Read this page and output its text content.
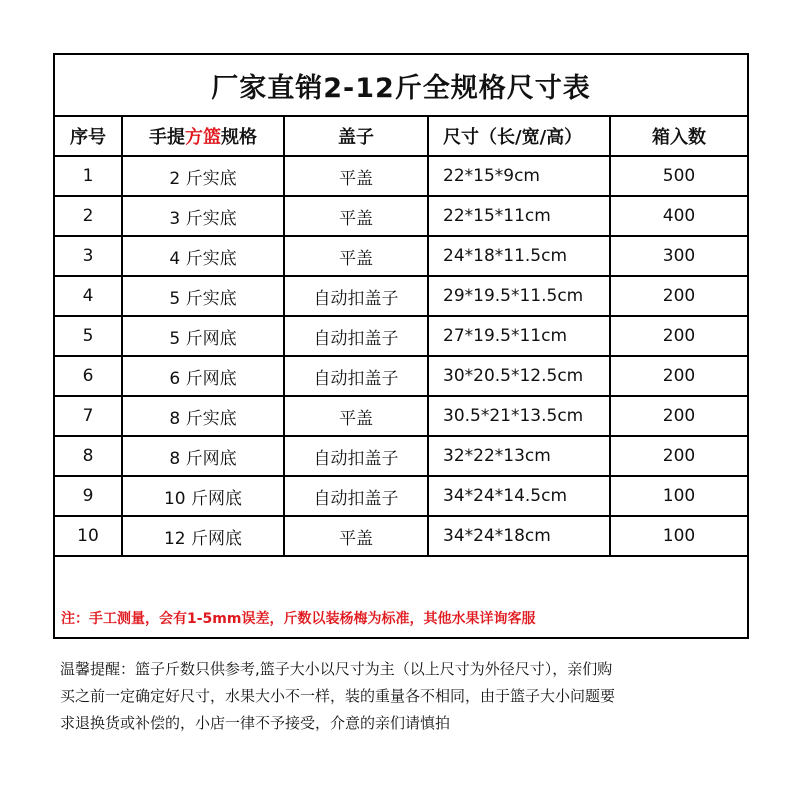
厂家直销2-12斤全规格尺寸表
序号	手提方篮规格	盖子	尺寸（长/宽/高）	箱入数
1	2 斤实底	平盖	22*15*9cm	500
2	3 斤实底	平盖	22*15*11cm	400
3	4 斤实底	平盖	24*18*11.5cm	300
4	5 斤实底	自动扣盖子	29*19.5*11.5cm	200
5	5 斤网底	自动扣盖子	27*19.5*11cm	200
6	6 斤网底	自动扣盖子	30*20.5*12.5cm	200
7	8 斤实底	平盖	30.5*21*13.5cm	200
8	8 斤网底	自动扣盖子	32*22*13cm	200
9	10 斤网底	自动扣盖子	34*24*14.5cm	100
10	12 斤网底	平盖	34*24*18cm	100
注：手工测量，会有1-5mm误差，斤数以装杨梅为标准，其他水果详询客服
温馨提醒：篮子斤数只供参考,篮子大小以尺寸为主（以上尺寸为外径尺寸），亲们购
买之前一定确定好尺寸，水果大小不一样，装的重量各不相同，由于篮子大小问题要
求退换货或补偿的，小店一律不予接受，介意的亲们请慎拍
